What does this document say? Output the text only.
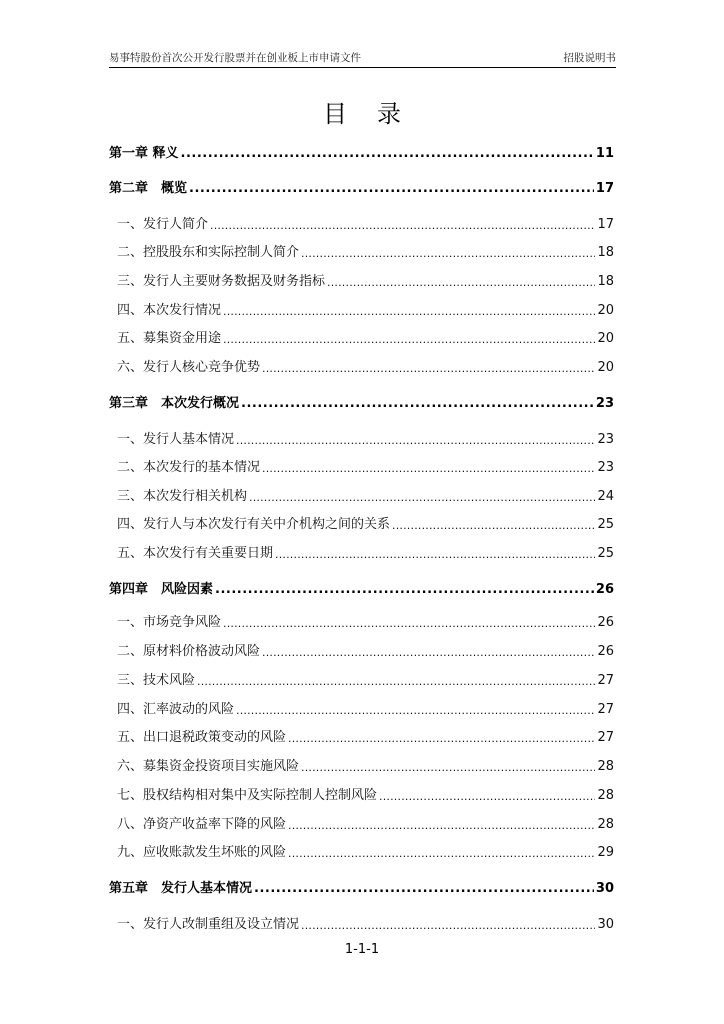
易事特股份首次公开发行股票并在创业板上市申请文件	招股说明书
目录
第一章 释义 .....	11
第二章　概览 .....	17
一、发行人简介 .....	17
二、控股股东和实际控制人简介 .....	18
三、发行人主要财务数据及财务指标 .....	18
四、本次发行情况 .....	20
五、募集资金用途 .....	20
六、发行人核心竞争优势 .....	20
第三章　本次发行概况 .....	23
一、发行人基本情况 .....	23
二、本次发行的基本情况 .....	23
三、本次发行相关机构 .....	24
四、发行人与本次发行有关中介机构之间的关系 .....	25
五、本次发行有关重要日期 .....	25
第四章　风险因素 .....	26
一、市场竞争风险 .....	26
二、原材料价格波动风险 .....	26
三、技术风险 .....	27
四、汇率波动的风险 .....	27
五、出口退税政策变动的风险 .....	27
六、募集资金投资项目实施风险 .....	28
七、股权结构相对集中及实际控制人控制风险 .....	28
八、净资产收益率下降的风险 .....	28
九、应收账款发生坏账的风险 .....	29
第五章　发行人基本情况 .....	30
一、发行人改制重组及设立情况 .....	30
1-1-1
